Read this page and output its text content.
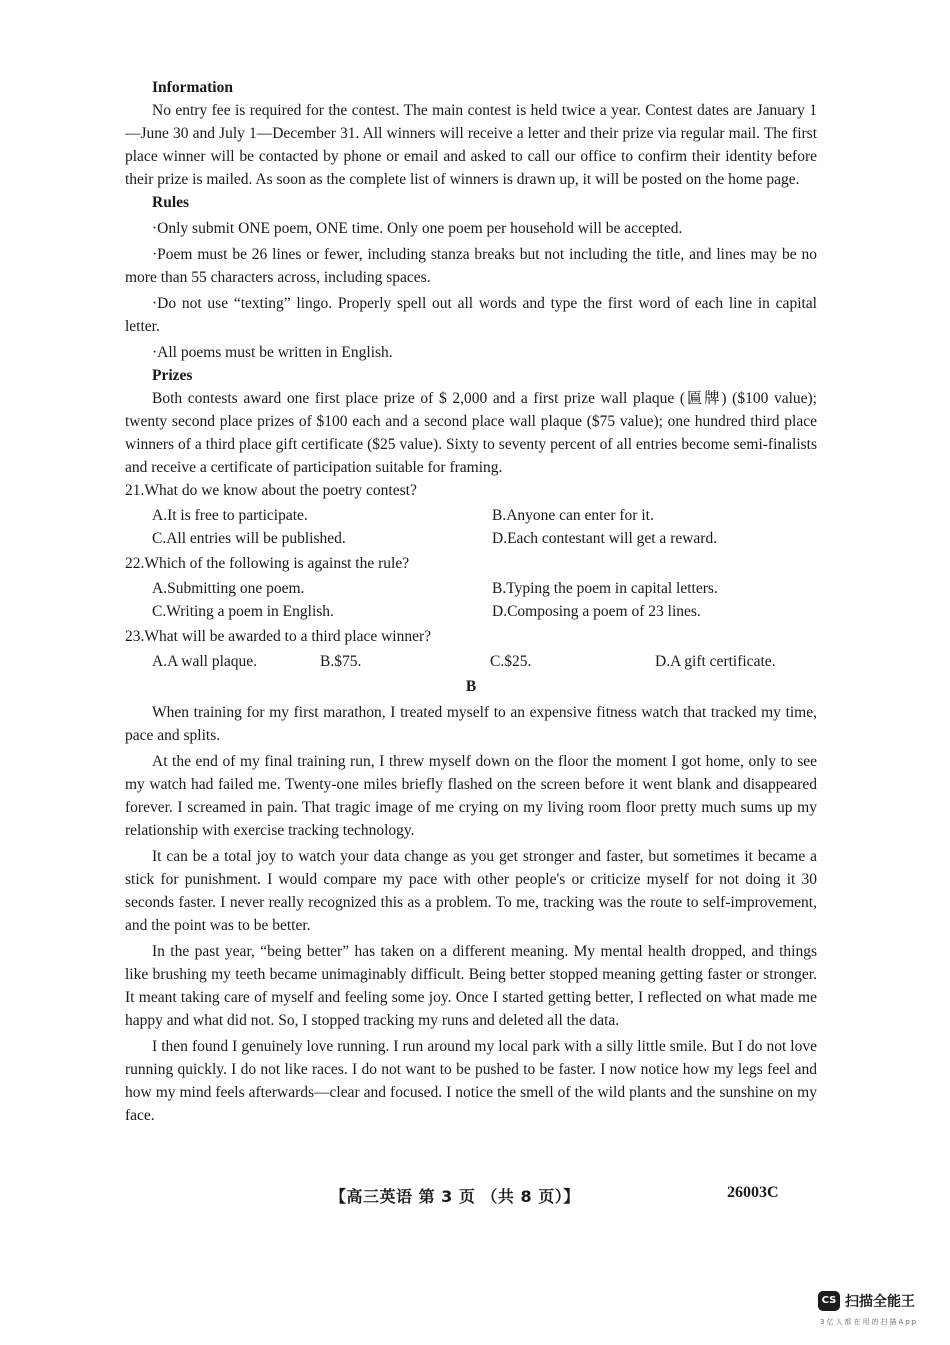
Information

No entry fee is required for the contest. The main contest is held twice a year. Contest dates are January 1—June 30 and July 1—December 31. All winners will receive a letter and their prize via regular mail. The first place winner will be contacted by phone or email and asked to call our office to confirm their identity before their prize is mailed. As soon as the complete list of winners is drawn up, it will be posted on the home page.

Rules

·Only submit ONE poem, ONE time. Only one poem per household will be accepted.

·Poem must be 26 lines or fewer, including stanza breaks but not including the title, and lines may be no more than 55 characters across, including spaces.

·Do not use “texting” lingo. Properly spell out all words and type the first word of each line in capital letter.

·All poems must be written in English.

Prizes

Both contests award one first place prize of $ 2,000 and a first prize wall plaque (匾牌) ($100 value); twenty second place prizes of $100 each and a second place wall plaque ($75 value); one hundred third place winners of a third place gift certificate ($25 value). Sixty to seventy percent of all entries become semi-finalists and receive a certificate of participation suitable for framing.

21.What do we know about the poetry contest?

A.It is free to participate.	B.Anyone can enter for it.

C.All entries will be published.	D.Each contestant will get a reward.

22.Which of the following is against the rule?

A.Submitting one poem.	B.Typing the poem in capital letters.

C.Writing a poem in English.	D.Composing a poem of 23 lines.

23.What will be awarded to a third place winner?

A.A wall plaque.	B.$75.	C.$25.	D.A gift certificate.

B

When training for my first marathon, I treated myself to an expensive fitness watch that tracked my time, pace and splits.

At the end of my final training run, I threw myself down on the floor the moment I got home, only to see my watch had failed me. Twenty-one miles briefly flashed on the screen before it went blank and disappeared forever. I screamed in pain. That tragic image of me crying on my living room floor pretty much sums up my relationship with exercise tracking technology.

It can be a total joy to watch your data change as you get stronger and faster, but sometimes it became a stick for punishment. I would compare my pace with other people's or criticize myself for not doing it 30 seconds faster. I never really recognized this as a problem. To me, tracking was the route to self-improvement, and the point was to be better.

In the past year, “being better” has taken on a different meaning. My mental health dropped, and things like brushing my teeth became unimaginably difficult. Being better stopped meaning getting faster or stronger. It meant taking care of myself and feeling some joy. Once I started getting better, I reflected on what made me happy and what did not. So, I stopped tracking my runs and deleted all the data.

I then found I genuinely love running. I run around my local park with a silly little smile. But I do not love running quickly. I do not like races. I do not want to be pushed to be faster. I now notice how my legs feel and how my mind feels afterwards—clear and focused. I notice the smell of the wild plants and the sunshine on my face.

【高三英语 第 3 页 （共 8 页）】	26003C
CS 扫描全能王
3亿人都在用的扫描App
